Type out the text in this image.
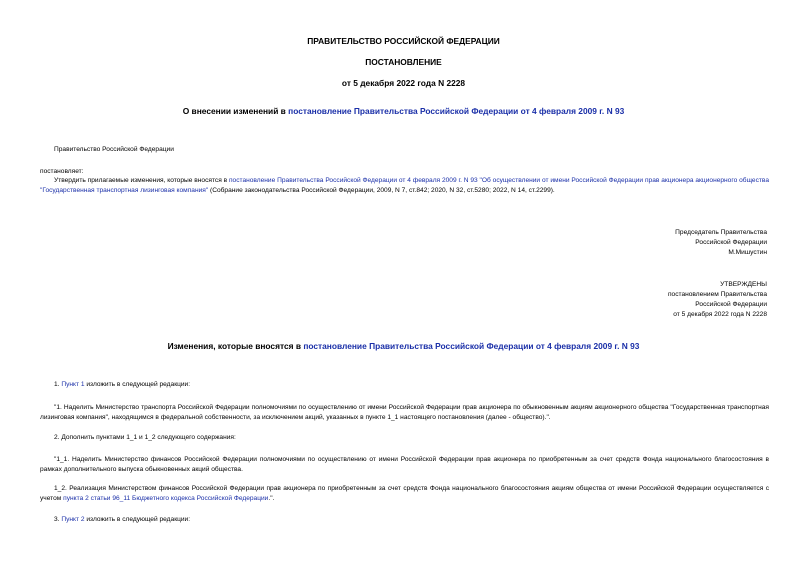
ПРАВИТЕЛЬСТВО РОССИЙСКОЙ ФЕДЕРАЦИИ
ПОСТАНОВЛЕНИЕ
от 5 декабря 2022 года N 2228
О внесении изменений в постановление Правительства Российской Федерации от 4 февраля 2009 г. N 93
Правительство Российской Федерации
постановляет:
Утвердить прилагаемые изменения, которые вносятся в постановление Правительства Российской Федерации от 4 февраля 2009 г. N 93 "Об осуществлении от имени Российской Федерации прав акционера акционерного общества "Государственная транспортная лизинговая компания" (Собрание законодательства Российской Федерации, 2009, N 7, ст.842; 2020, N 32, ст.5280; 2022, N 14, ст.2299).
Председатель Правительства
Российской Федерации
М.Мишустин
УТВЕРЖДЕНЫ
постановлением Правительства
Российской Федерации
от 5 декабря 2022 года N 2228
Изменения, которые вносятся в постановление Правительства Российской Федерации от 4 февраля 2009 г. N 93
1. Пункт 1 изложить в следующей редакции:
"1. Наделить Министерство транспорта Российской Федерации полномочиями по осуществлению от имени Российской Федерации прав акционера по обыкновенным акциям акционерного общества "Государственная транспортная лизинговая компания", находящимся в федеральной собственности, за исключением акций, указанных в пункте 1_1 настоящего постановления (далее - общество).".
2. Дополнить пунктами 1_1 и 1_2 следующего содержания:
"1_1. Наделить Министерство финансов Российской Федерации полномочиями по осуществлению от имени Российской Федерации прав акционера по приобретенным за счет средств Фонда национального благосостояния в рамках дополнительного выпуска обыкновенных акций общества.
1_2. Реализация Министерством финансов Российской Федерации прав акционера по приобретенным за счет средств Фонда национального благосостояния акциям общества от имени Российской Федерации осуществляется с учетом пункта 2 статьи 96_11 Бюджетного кодекса Российской Федерации.".
3. Пункт 2 изложить в следующей редакции:
